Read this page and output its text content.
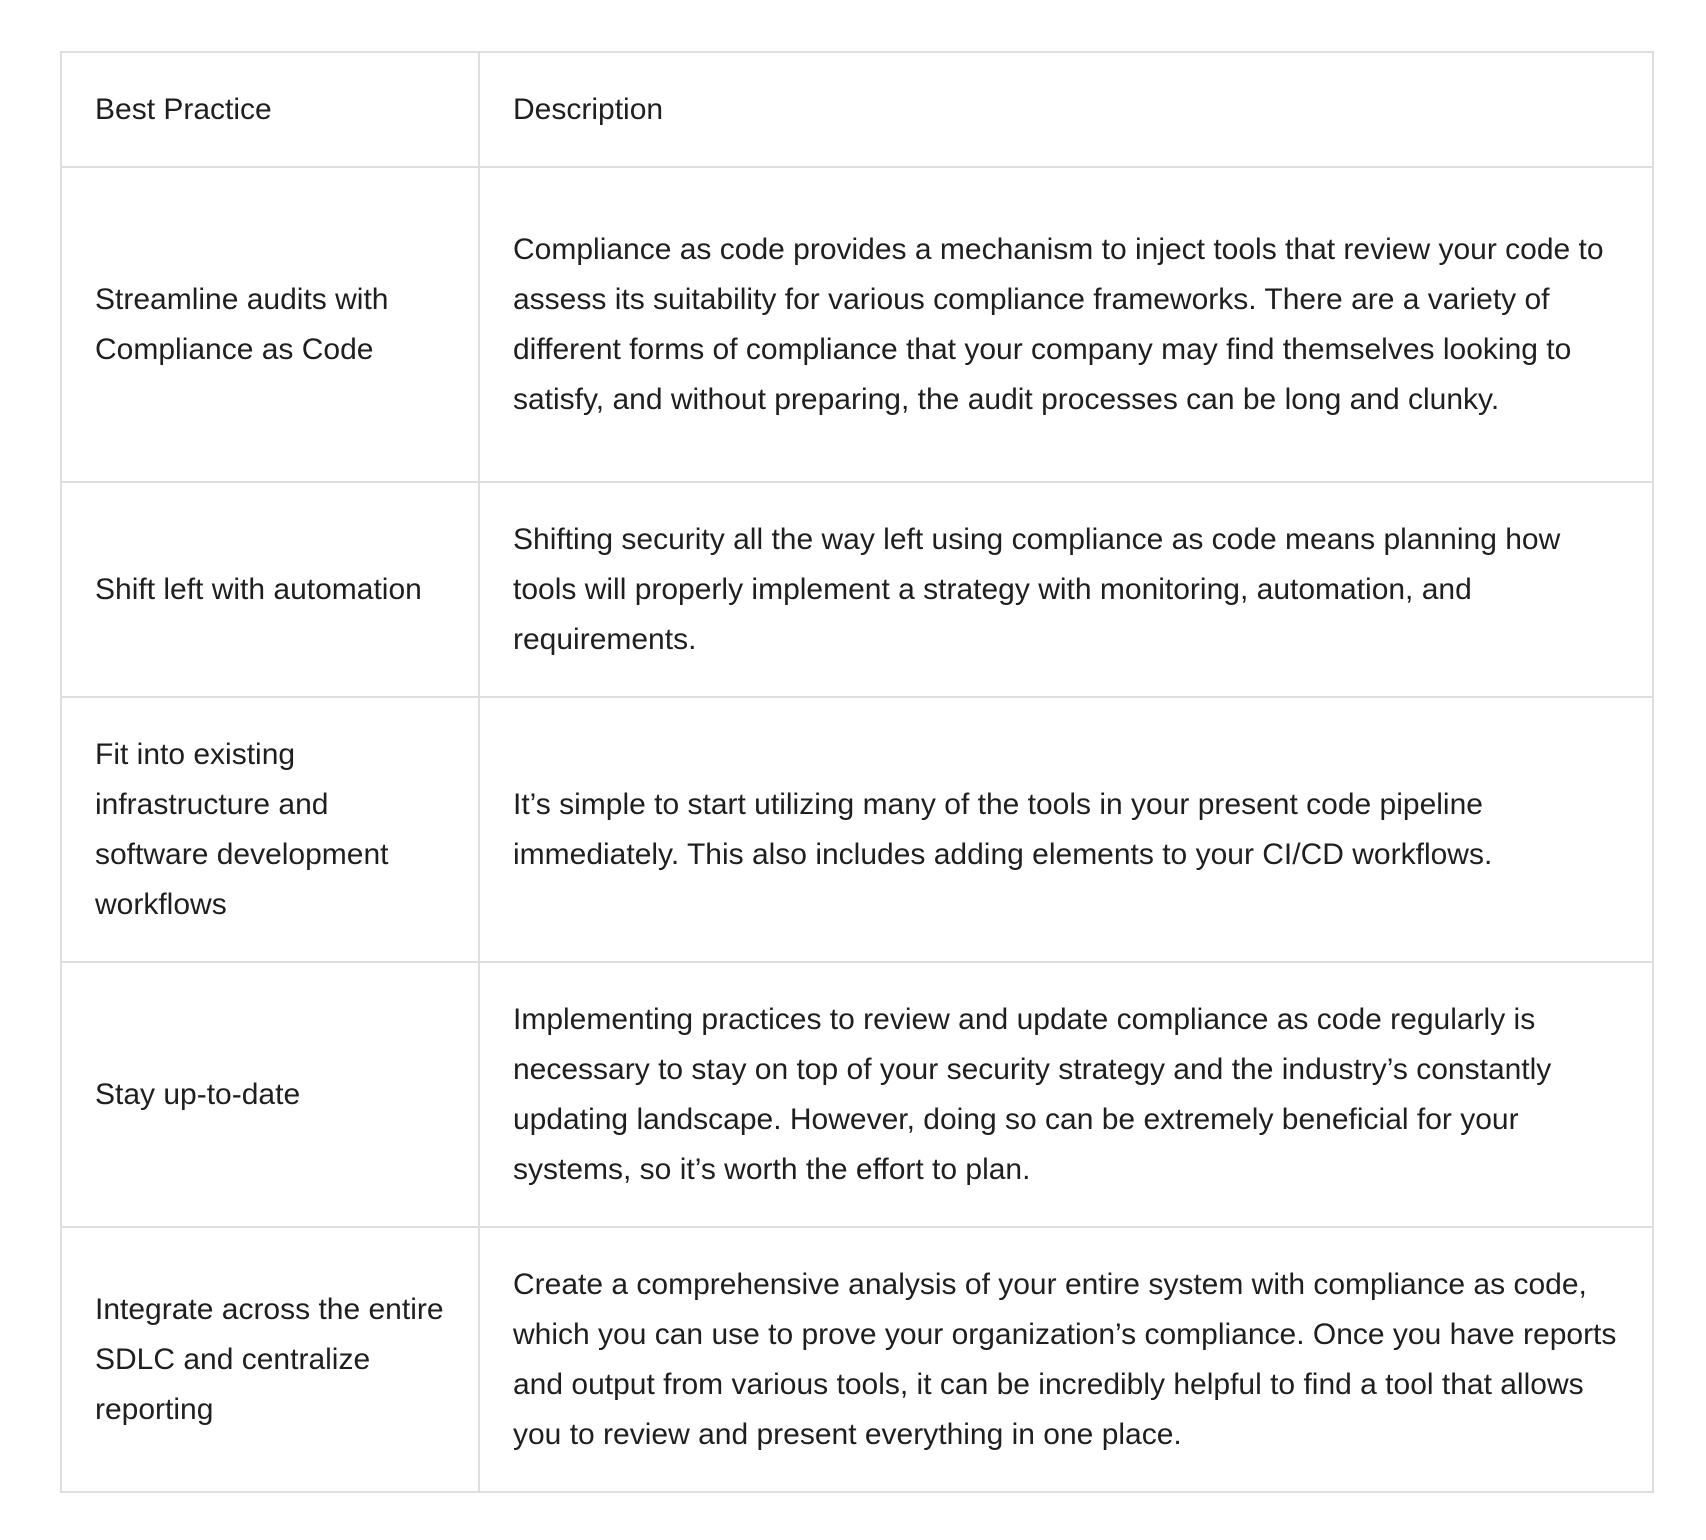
Best Practice	Description
Streamline audits with Compliance as Code	Compliance as code provides a mechanism to inject tools that review your code to assess its suitability for various compliance frameworks. There are a variety of different forms of compliance that your company may find themselves looking to satisfy, and without preparing, the audit processes can be long and clunky.
Shift left with automation	Shifting security all the way left using compliance as code means planning how tools will properly implement a strategy with monitoring, automation, and requirements.
Fit into existing infrastructure and software development workflows	It’s simple to start utilizing many of the tools in your present code pipeline immediately. This also includes adding elements to your CI/CD workflows.
Stay up-to-date	Implementing practices to review and update compliance as code regularly is necessary to stay on top of your security strategy and the industry’s constantly updating landscape. However, doing so can be extremely beneficial for your systems, so it’s worth the effort to plan.
Integrate across the entire SDLC and centralize reporting	Create a comprehensive analysis of your entire system with compliance as code, which you can use to prove your organization’s compliance. Once you have reports and output from various tools, it can be incredibly helpful to find a tool that allows you to review and present everything in one place.
